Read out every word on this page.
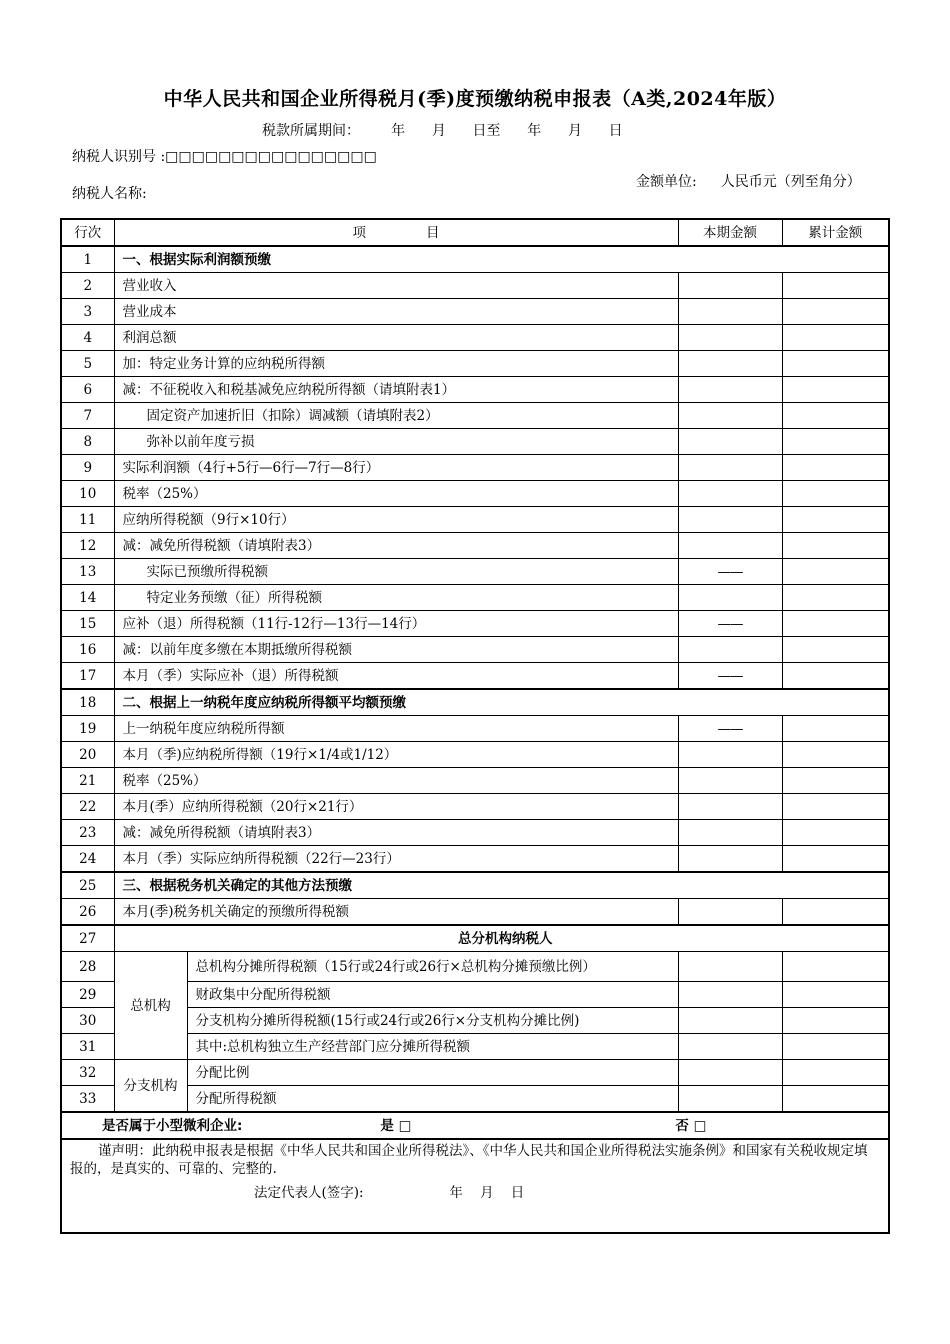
中华人民共和国企业所得税月(季)度预缴纳税申报表（A类,2024年版）
税款所属期间：       年      月      日至      年      月      日
纳税人识别号 :□□□□□□□□□□□□□□□□
纳税人名称:
金额单位: 人民币元（列至角分）
行次	项              目		本期金额	累计金额
1	一、根据实际利润额预缴			
2	营业收入			
3	营业成本			
4	利润总额			
5	加：特定业务计算的应纳税所得额			
6	减：不征税收入和税基减免应纳税所得额（请填附表1）			
7	固定资产加速折旧（扣除）调减额（请填附表2）			
8	弥补以前年度亏损			
9	实际利润额（4行+5行—6行—7行—8行）			
10	税率（25%）			
11	应纳所得税额（9行×10行）			
12	减：减免所得税额（请填附表3）			
13	实际已预缴所得税额		——	
14	特定业务预缴（征）所得税额			
15	应补（退）所得税额（11行-12行—13行—14行）		——	
16	减：以前年度多缴在本期抵缴所得税额			
17	本月（季）实际应补（退）所得税额		——	
18	二、根据上一纳税年度应纳税所得额平均额预缴			
19	上一纳税年度应纳税所得额		——	
20	本月（季)应纳税所得额（19行×1/4或1/12）			
21	税率（25%）			
22	本月(季）应纳所得税额（20行×21行）			
23	减：减免所得税额（请填附表3）			
24	本月（季）实际应纳所得税额（22行—23行）			
25	三、根据税务机关确定的其他方法预缴			
26	本月(季)税务机关确定的预缴所得税额			
27	总分机构纳税人			
28	总机构	总机构分摊所得税额（15行或24行或26行×总机构分摊预缴比例）		
29		财政集中分配所得税额		
30		分支机构分摊所得税额(15行或24行或26行×分支机构分摊比例)		
31		其中:总机构独立生产经营部门应分摊所得税额		
32	分支机构	分配比例		
33		分配所得税额		
是否属于小型微利企业: 是 □ 否 □				

谨声明：此纳税申报表是根据《中华人民共和国企业所得税法》、《中华人民共和国企业所得税法实施条例》和国家有关税收规定填报的，是真实的、可靠的、完整的.
法定代表人(签字):                    年    月    日				
